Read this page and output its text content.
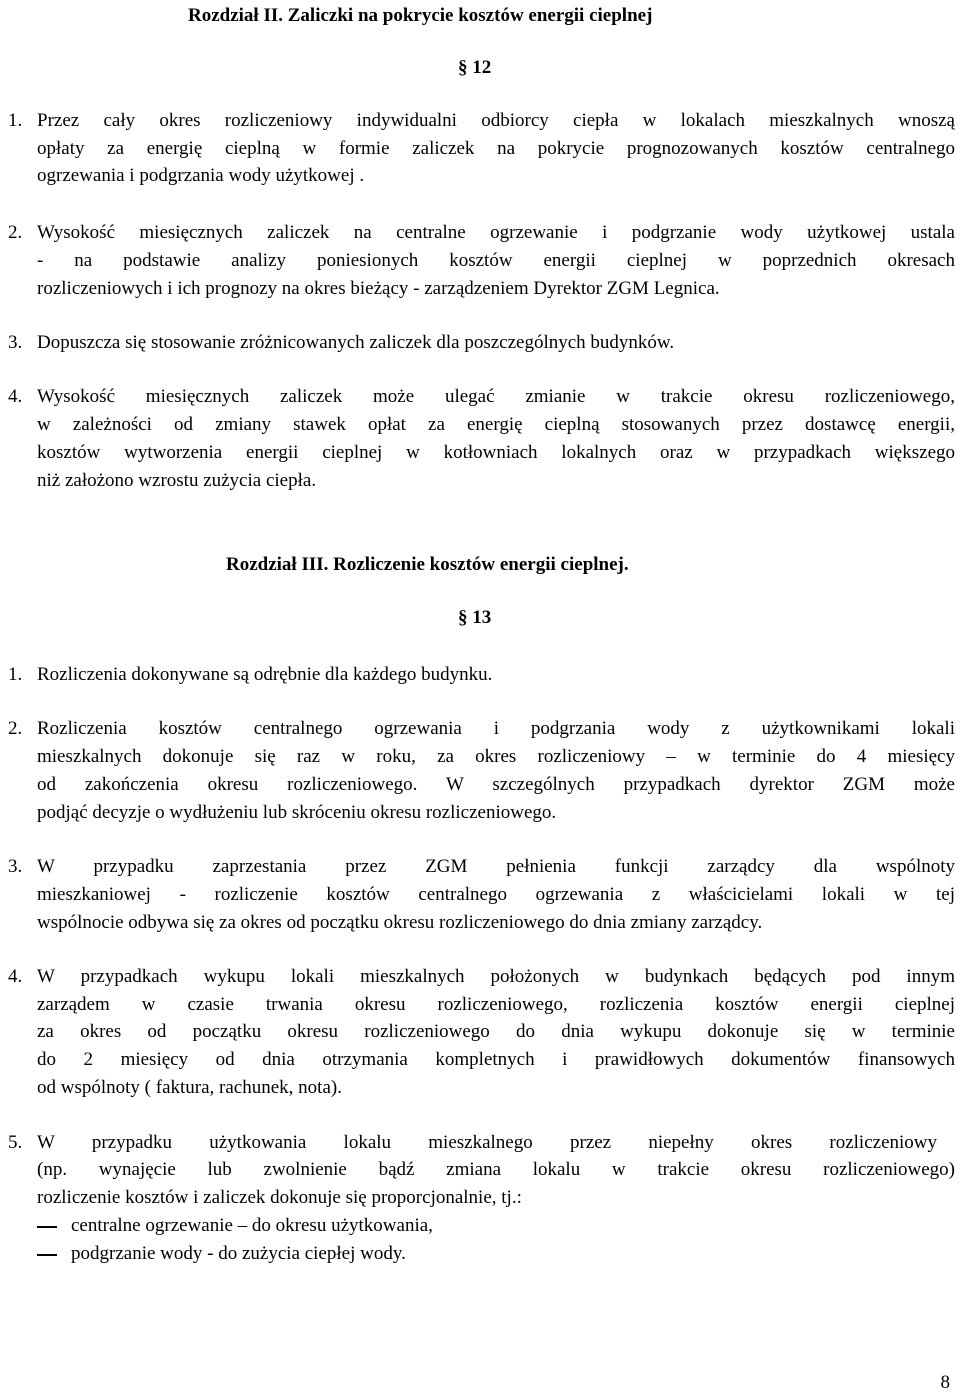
Rozdział II. Zaliczki na pokrycie kosztów energii cieplnej
§ 12
1. Przez cały okres rozliczeniowy indywidualni odbiorcy ciepła w lokalach mieszkalnych wnoszą
opłaty za energię cieplną w formie zaliczek na pokrycie prognozowanych kosztów centralnego
ogrzewania i podgrzania wody użytkowej .
2. Wysokość miesięcznych zaliczek na centralne ogrzewanie i podgrzanie wody użytkowej ustala
- na podstawie analizy poniesionych kosztów energii cieplnej w poprzednich okresach
rozliczeniowych i ich prognozy na okres bieżący - zarządzeniem Dyrektor ZGM Legnica.
3. Dopuszcza się stosowanie zróżnicowanych zaliczek dla poszczególnych budynków.
4. Wysokość miesięcznych zaliczek może ulegać zmianie w trakcie okresu rozliczeniowego,
w zależności od zmiany stawek opłat za energię cieplną stosowanych przez dostawcę energii,
kosztów wytworzenia energii cieplnej w kotłowniach lokalnych oraz w przypadkach większego
niż założono wzrostu zużycia ciepła.
Rozdział III. Rozliczenie kosztów energii cieplnej.
§ 13
1. Rozliczenia dokonywane są odrębnie dla każdego budynku.
2. Rozliczenia kosztów centralnego ogrzewania i podgrzania wody z użytkownikami lokali
mieszkalnych dokonuje się raz w roku, za okres rozliczeniowy – w terminie do 4 miesięcy
od zakończenia okresu rozliczeniowego. W szczególnych przypadkach dyrektor ZGM może
podjąć decyzje o wydłużeniu lub skróceniu okresu rozliczeniowego.
3. W przypadku zaprzestania przez ZGM pełnienia funkcji zarządcy dla wspólnoty
mieszkaniowej - rozliczenie kosztów centralnego ogrzewania z właścicielami lokali w tej
wspólnocie odbywa się za okres od początku okresu rozliczeniowego do dnia zmiany zarządcy.
4. W przypadkach wykupu lokali mieszkalnych położonych w budynkach będących pod innym
zarządem w czasie trwania okresu rozliczeniowego, rozliczenia kosztów energii cieplnej
za okres od początku okresu rozliczeniowego do dnia wykupu dokonuje się w terminie
do 2 miesięcy od dnia otrzymania kompletnych i prawidłowych dokumentów finansowych
od wspólnoty ( faktura, rachunek, nota).
5. W przypadku użytkowania lokalu mieszkalnego przez niepełny okres rozliczeniowy
(np. wynajęcie lub zwolnienie bądź zmiana lokalu w trakcie okresu rozliczeniowego)
rozliczenie kosztów i zaliczek dokonuje się proporcjonalnie, tj.:
centralne ogrzewanie – do okresu użytkowania,
podgrzanie wody - do zużycia ciepłej wody.
8
